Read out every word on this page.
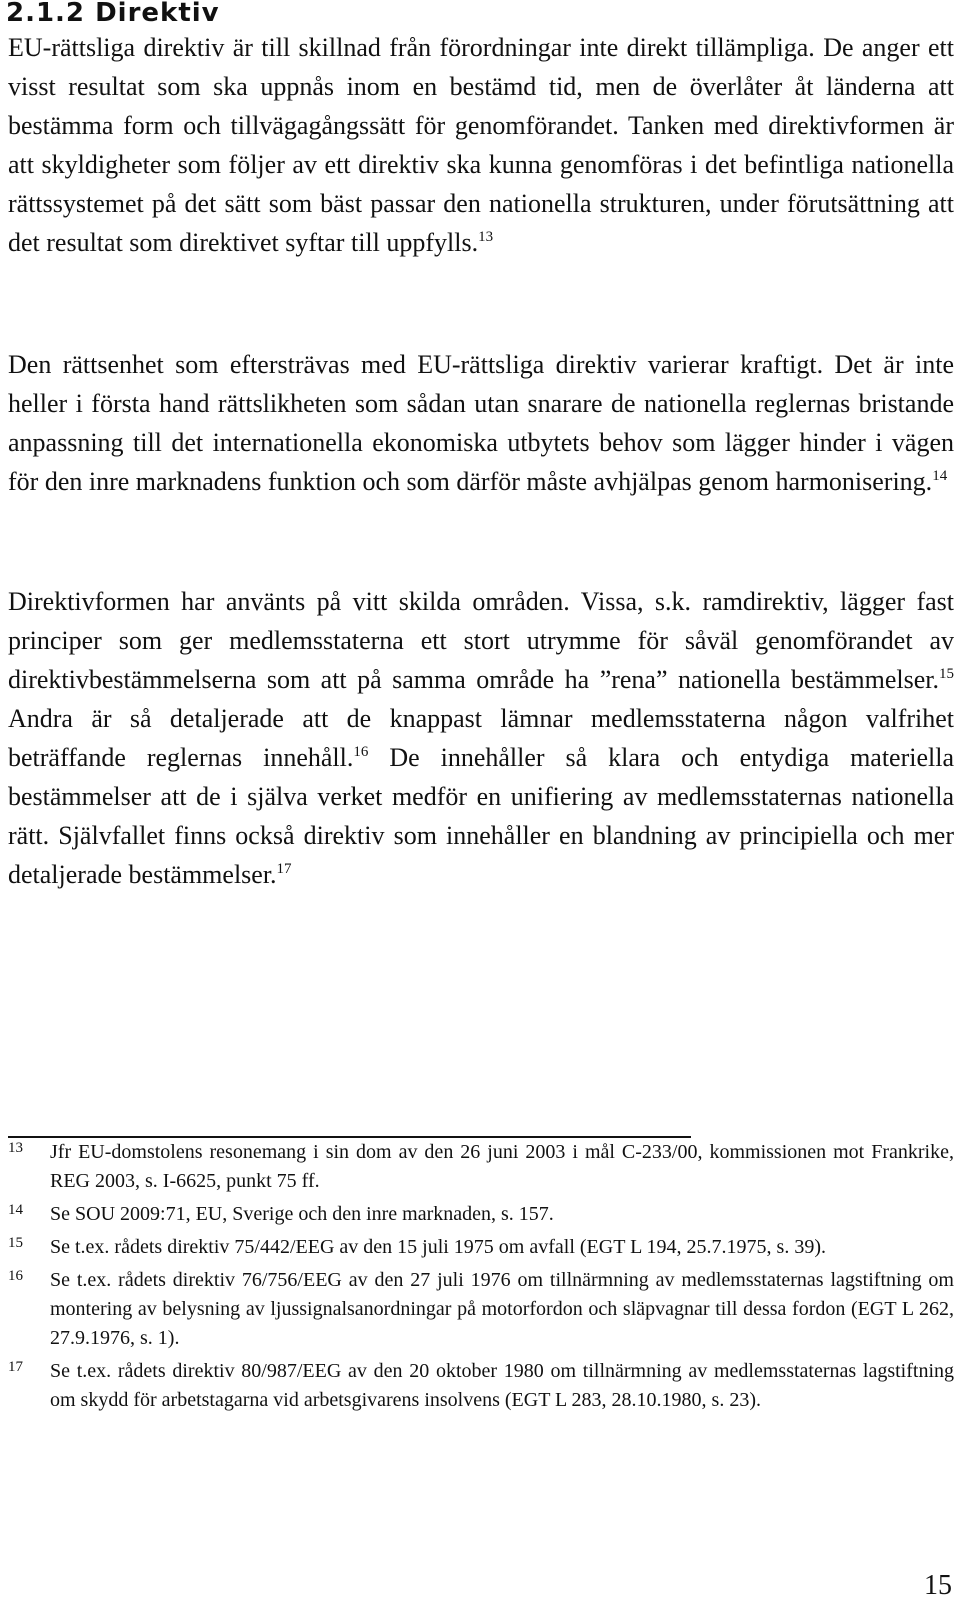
2.1.2 Direktiv

EU-rättsliga direktiv är till skillnad från förordningar inte direkt tillämpliga. De anger ett visst resultat som ska uppnås inom en bestämd tid, men de överlåter åt länderna att bestämma form och tillvägagångssätt för genomförandet. Tanken med direktivformen är att skyldigheter som följer av ett direktiv ska kunna genomföras i det befintliga nationella rättssystemet på det sätt som bäst passar den nationella strukturen, under förutsättning att det resultat som direktivet syftar till uppfylls.$^{13}$

Den rättsenhet som eftersträvas med EU-rättsliga direktiv varierar kraftigt. Det är inte heller i första hand rättslikheten som sådan utan snarare de nationella reglernas bristande anpassning till det internationella ekonomiska utbytets behov som lägger hinder i vägen för den inre marknadens funktion och som därför måste avhjälpas genom harmonisering.$^{14}$

Direktivformen har använts på vitt skilda områden. Vissa, s.k. ramdirektiv, lägger fast principer som ger medlemsstaterna ett stort utrymme för såväl genomförandet av direktivbestämmelserna som att på samma område ha ”rena” nationella bestämmelser.$^{15}$ Andra är så detaljerade att de knappast lämnar medlemsstaterna någon valfrihet beträffande reglernas innehåll.$^{16}$ De innehåller så klara och entydiga materiella bestämmelser att de i själva verket medför en unifiering av medlemsstaternas nationella rätt. Självfallet finns också direktiv som innehåller en blandning av principiella och mer detaljerade bestämmelser.$^{17}$

13	Jfr EU-domstolens resonemang i sin dom av den 26 juni 2003 i mål C-233/00, kommissionen mot Frankrike, REG 2003, s. I-6625, punkt 75 ff.
14	Se SOU 2009:71, EU, Sverige och den inre marknaden, s. 157.
15	Se t.ex. rådets direktiv 75/442/EEG av den 15 juli 1975 om avfall (EGT L 194, 25.7.1975, s. 39).
16	Se t.ex. rådets direktiv 76/756/EEG av den 27 juli 1976 om tillnärmning av medlemsstaternas lagstiftning om montering av belysning av ljussignalsanordningar på motorfordon och släpvagnar till dessa fordon (EGT L 262, 27.9.1976, s. 1).
17	Se t.ex. rådets direktiv 80/987/EEG av den 20 oktober 1980 om tillnärmning av medlemsstaternas lagstiftning om skydd för arbetstagarna vid arbetsgivarens insolvens (EGT L 283, 28.10.1980, s. 23).
15
